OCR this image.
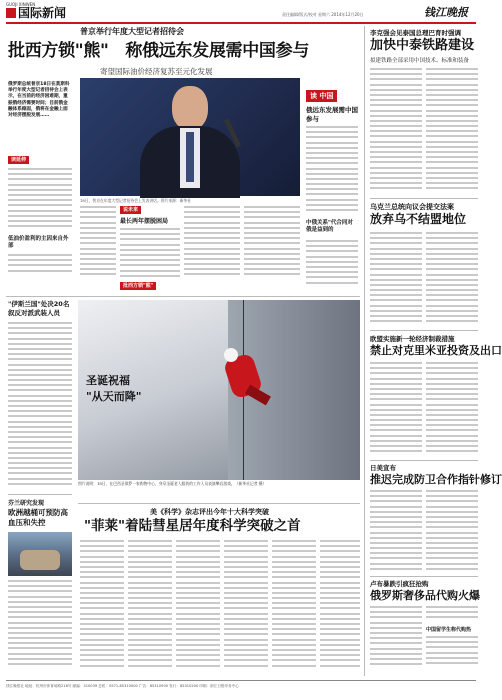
GUOJI XINWEN
国际新闻	责任编辑/版式/校对 星期六 2014年12月20日	钱江晚报
普京举行年度大型记者招待会
批西方锁"熊"　称俄远东发展需中国参与
寄望国际油价经济复苏至元化发展
俄罗斯总统普京18日在莫斯科举行年度大型记者招待会上表示，在当前的经济困难期，重振俄经济需要时间；目前俄金融体系稳固，俄将在金融上面对经济摆脱发展……
读延伸
低油价盈利的主因来自外部
18日，普京在年度大型记者招待会上发表讲话。图片来源：新华社
说未来
最长两年摆脱困局
批西方锁"熊"
读 中国
俄远东发展需中国参与
中俄关系"代合同对俄是益到的
李克强会见泰国总理巴育时强调
加快中泰铁路建设
拟建铁路全部采用中国技术、标准和装备
乌克兰总统向议会提交法案
放弃乌不结盟地位
欧盟实施新一轮经济制裁措施
禁止对克里米亚投资及出口
日美宣布
推迟完成防卫合作指针修订
卢布暴跌引疯狂抢购
俄罗斯奢侈品代购火爆
中国留学生称代购热
"伊斯兰国"处决20名叙反对派武装人员
芬兰研究发现
欧洲越桶可预防高血压和失控
圣诞祝福
"从天而降"
图片说明：18日，在巴西圣保罗一家购物中心，身穿圣诞老人服装的工作人员表演攀岩游戏。（新华社记者 摄）
美《科学》杂志评出今年十大科学突破
"菲莱"着陆彗星居年度科学突破之首
钱江晚报社 地址：杭州市体育场路218号 邮编：310039 总机：0571-85310000 广告：85310900 发行：85310200 印刷：浙江日报印务中心
